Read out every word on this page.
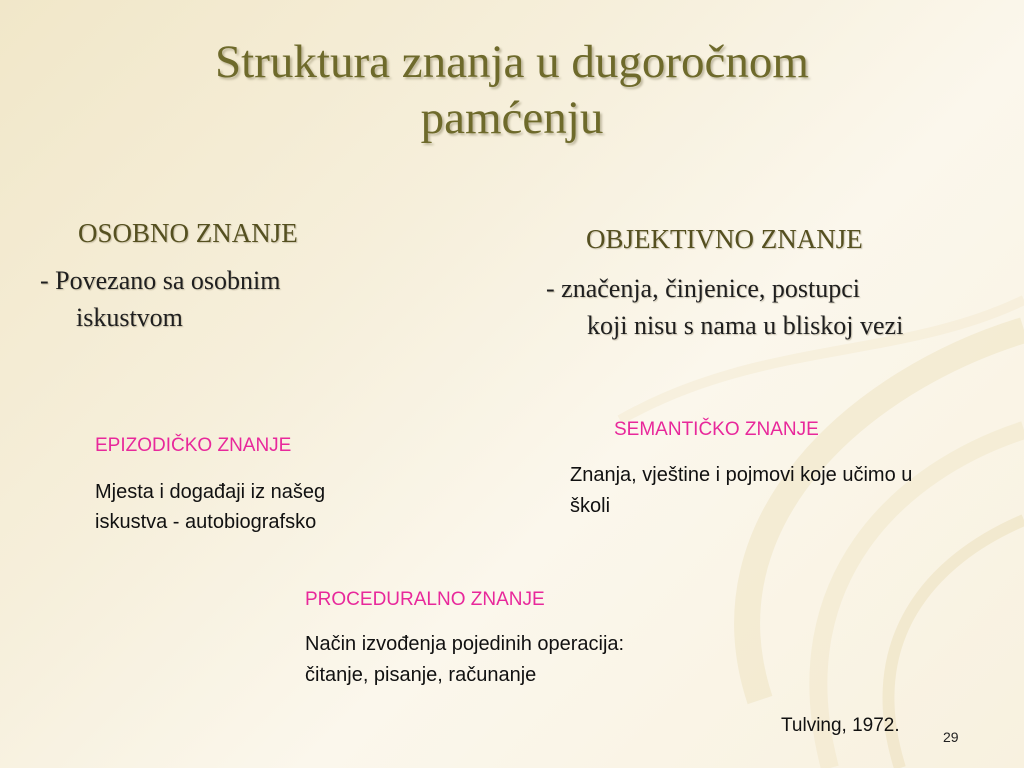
Struktura znanja u dugoročnom
pamćenju
OSOBNO ZNANJE
- Povezano sa osobnim
iskustvom
OBJEKTIVNO ZNANJE
- značenja, činjenice, postupci
koji nisu s nama u bliskoj vezi
EPIZODIČKO ZNANJE
Mjesta i događaji iz našeg
iskustva - autobiografsko
SEMANTIČKO ZNANJE
Znanja, vještine i pojmovi koje učimo u
školi
PROCEDURALNO ZNANJE
Način izvođenja pojedinih operacija:
čitanje, pisanje, računanje
Tulving, 1972.
29
